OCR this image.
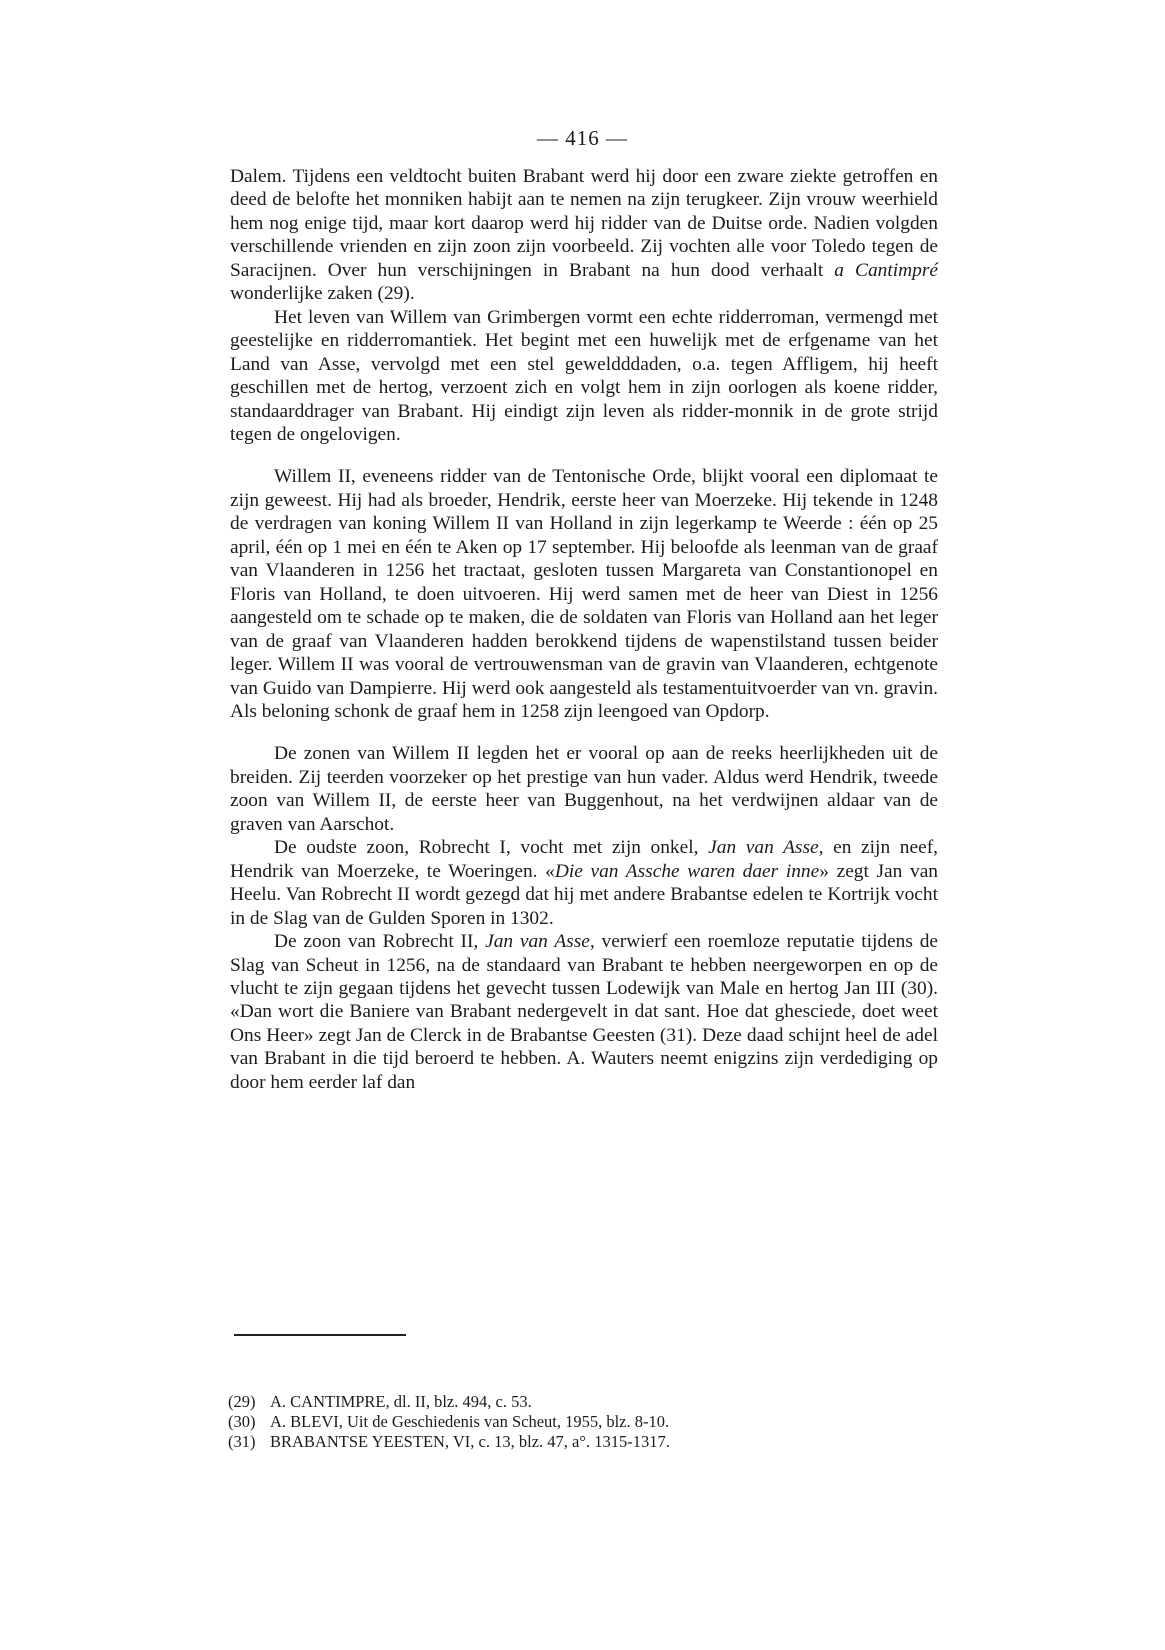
— 416 —

Dalem. Tijdens een veldtocht buiten Brabant werd hij door een zware ziekte getroffen en deed de belofte het monniken habijt aan te nemen na zijn terugkeer. Zijn vrouw weerhield hem nog enige tijd, maar kort daarop werd hij ridder van de Duitse orde. Nadien volgden verschillende vrienden en zijn zoon zijn voorbeeld. Zij vochten alle voor Toledo tegen de Saracijnen. Over hun verschijningen in Brabant na hun dood verhaalt a Cantimpré wonderlijke zaken (29).

Het leven van Willem van Grimbergen vormt een echte ridderroman, vermengd met geestelijke en ridderromantiek. Het begint met een huwelijk met de erfgename van het Land van Asse, vervolgd met een stel geweldddaden, o.a. tegen Affligem, hij heeft geschillen met de hertog, verzoent zich en volgt hem in zijn oorlogen als koene ridder, standaarddrager van Brabant. Hij eindigt zijn leven als ridder-monnik in de grote strijd tegen de ongelovigen.

Willem II, eveneens ridder van de Tentonische Orde, blijkt vooral een diplomaat te zijn geweest. Hij had als broeder, Hendrik, eerste heer van Moerzeke. Hij tekende in 1248 de verdragen van koning Willem II van Holland in zijn legerkamp te Weerde : één op 25 april, één op 1 mei en één te Aken op 17 september. Hij beloofde als leenman van de graaf van Vlaanderen in 1256 het tractaat, gesloten tussen Margareta van Constantionopel en Floris van Holland, te doen uitvoeren. Hij werd samen met de heer van Diest in 1256 aangesteld om te schade op te maken, die de soldaten van Floris van Holland aan het leger van de graaf van Vlaanderen hadden berokkend tijdens de wapenstilstand tussen beider leger. Willem II was vooral de vertrouwensman van de gravin van Vlaanderen, echtgenote van Guido van Dampierre. Hij werd ook aangesteld als testamentuitvoerder van vn. gravin. Als beloning schonk de graaf hem in 1258 zijn leengoed van Opdorp.

De zonen van Willem II legden het er vooral op aan de reeks heerlijkheden uit de breiden. Zij teerden voorzeker op het prestige van hun vader. Aldus werd Hendrik, tweede zoon van Willem II, de eerste heer van Buggenhout, na het verdwijnen aldaar van de graven van Aarschot.

De oudste zoon, Robrecht I, vocht met zijn onkel, Jan van Asse, en zijn neef, Hendrik van Moerzeke, te Woeringen. «Die van Assche waren daer inne» zegt Jan van Heelu. Van Robrecht II wordt gezegd dat hij met andere Brabantse edelen te Kortrijk vocht in de Slag van de Gulden Sporen in 1302.

De zoon van Robrecht II, Jan van Asse, verwierf een roemloze reputatie tijdens de Slag van Scheut in 1256, na de standaard van Brabant te hebben neergeworpen en op de vlucht te zijn gegaan tijdens het gevecht tussen Lodewijk van Male en hertog Jan III (30). «Dan wort die Baniere van Brabant nedergevelt in dat sant. Hoe dat ghesciede, doet weet Ons Heer» zegt Jan de Clerck in de Brabantse Geesten (31). Deze daad schijnt heel de adel van Brabant in die tijd beroerd te hebben. A. Wauters neemt enigzins zijn verdediging op door hem eerder laf dan

(29) A. CANTIMPRE, dl. II, blz. 494, c. 53.
(30) A. BLEVI, Uit de Geschiedenis van Scheut, 1955, blz. 8-10.
(31) BRABANTSE YEESTEN, VI, c. 13, blz. 47, a°. 1315-1317.
